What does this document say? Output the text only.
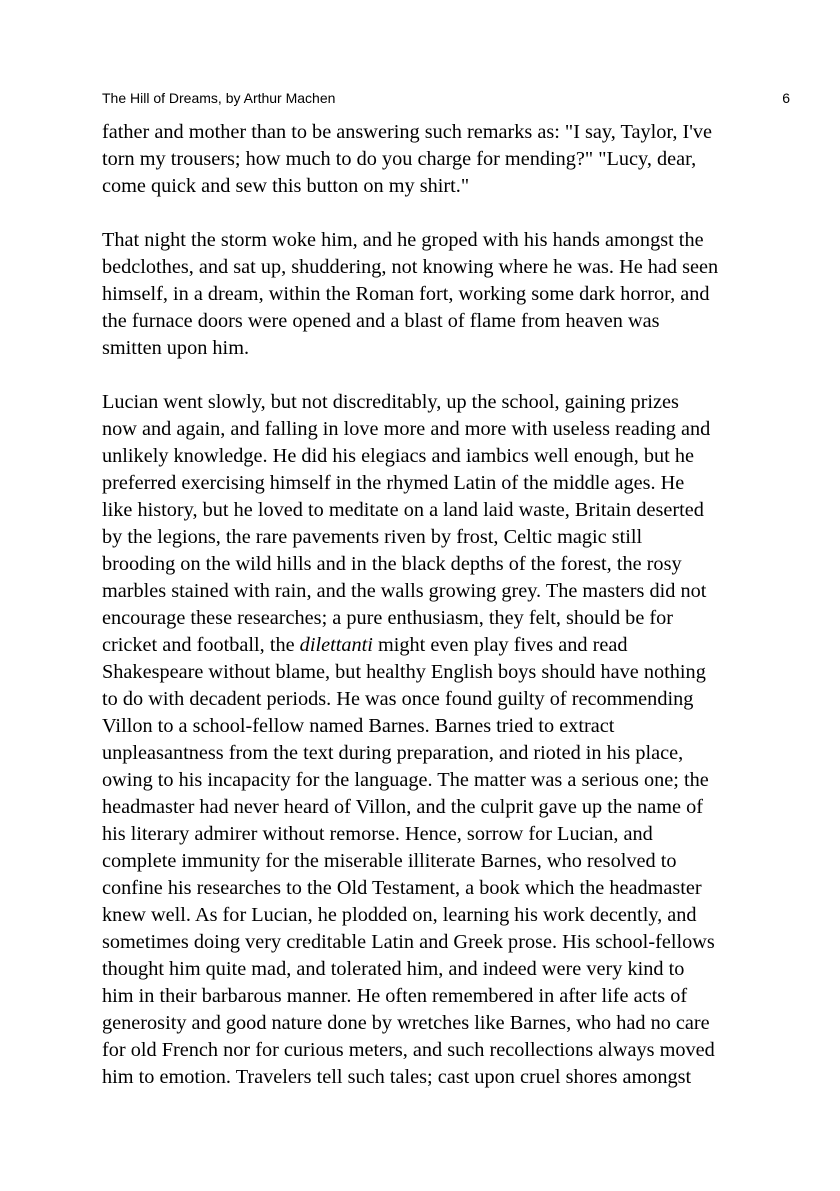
The Hill of Dreams, by Arthur Machen	6

father and mother than to be answering such remarks as: "I say, Taylor, I've
torn my trousers; how much to do you charge for mending?" "Lucy, dear,
come quick and sew this button on my shirt."

That night the storm woke him, and he groped with his hands amongst the
bedclothes, and sat up, shuddering, not knowing where he was. He had seen
himself, in a dream, within the Roman fort, working some dark horror, and
the furnace doors were opened and a blast of flame from heaven was
smitten upon him.

Lucian went slowly, but not discreditably, up the school, gaining prizes
now and again, and falling in love more and more with useless reading and
unlikely knowledge. He did his elegiacs and iambics well enough, but he
preferred exercising himself in the rhymed Latin of the middle ages. He
like history, but he loved to meditate on a land laid waste, Britain deserted
by the legions, the rare pavements riven by frost, Celtic magic still
brooding on the wild hills and in the black depths of the forest, the rosy
marbles stained with rain, and the walls growing grey. The masters did not
encourage these researches; a pure enthusiasm, they felt, should be for
cricket and football, the dilettanti might even play fives and read
Shakespeare without blame, but healthy English boys should have nothing
to do with decadent periods. He was once found guilty of recommending
Villon to a school-fellow named Barnes. Barnes tried to extract
unpleasantness from the text during preparation, and rioted in his place,
owing to his incapacity for the language. The matter was a serious one; the
headmaster had never heard of Villon, and the culprit gave up the name of
his literary admirer without remorse. Hence, sorrow for Lucian, and
complete immunity for the miserable illiterate Barnes, who resolved to
confine his researches to the Old Testament, a book which the headmaster
knew well. As for Lucian, he plodded on, learning his work decently, and
sometimes doing very creditable Latin and Greek prose. His school-fellows
thought him quite mad, and tolerated him, and indeed were very kind to
him in their barbarous manner. He often remembered in after life acts of
generosity and good nature done by wretches like Barnes, who had no care
for old French nor for curious meters, and such recollections always moved
him to emotion. Travelers tell such tales; cast upon cruel shores amongst
